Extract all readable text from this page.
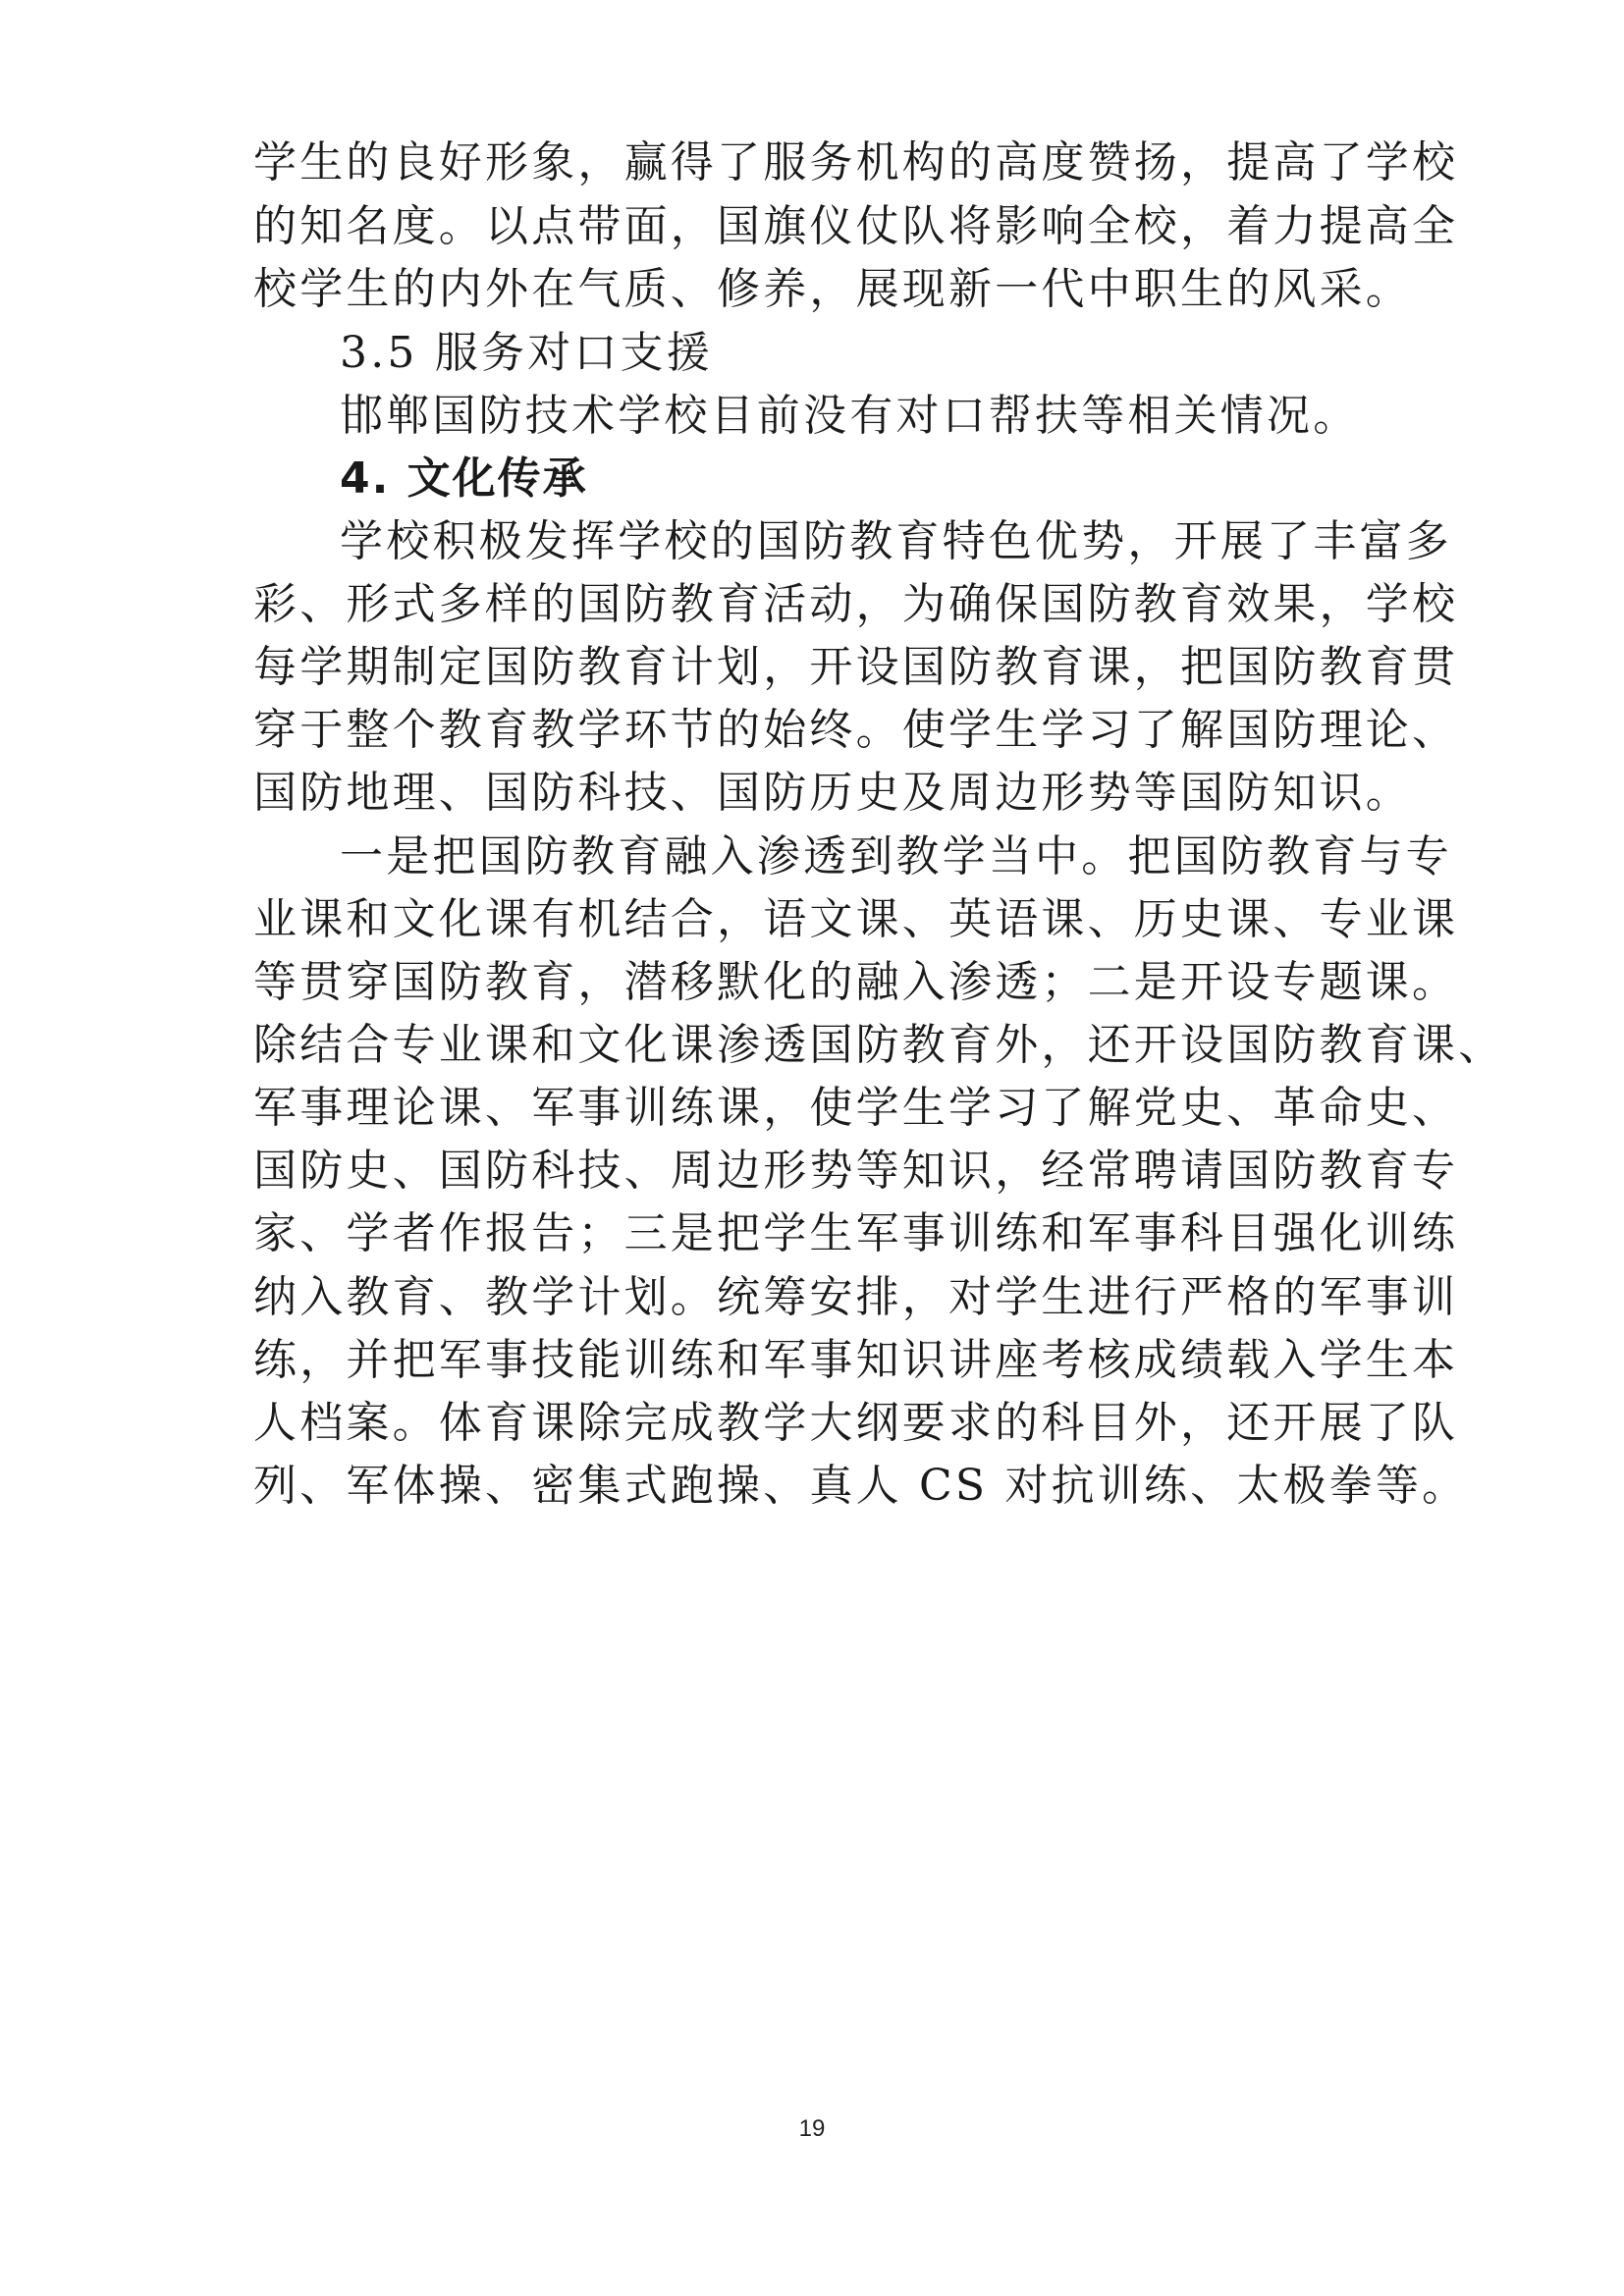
学生的良好形象，赢得了服务机构的高度赞扬，提高了学校
的知名度。以点带面，国旗仪仗队将影响全校，着力提高全
校学生的内外在气质、修养，展现新一代中职生的风采。
3.5 服务对口支援
邯郸国防技术学校目前没有对口帮扶等相关情况。
4. 文化传承
学校积极发挥学校的国防教育特色优势，开展了丰富多
彩、形式多样的国防教育活动，为确保国防教育效果，学校
每学期制定国防教育计划，开设国防教育课，把国防教育贯
穿于整个教育教学环节的始终。使学生学习了解国防理论、
国防地理、国防科技、国防历史及周边形势等国防知识。
一是把国防教育融入渗透到教学当中。把国防教育与专
业课和文化课有机结合，语文课、英语课、历史课、专业课
等贯穿国防教育，潜移默化的融入渗透；二是开设专题课。
除结合专业课和文化课渗透国防教育外，还开设国防教育课、
军事理论课、军事训练课，使学生学习了解党史、革命史、
国防史、国防科技、周边形势等知识，经常聘请国防教育专
家、学者作报告；三是把学生军事训练和军事科目强化训练
纳入教育、教学计划。统筹安排，对学生进行严格的军事训
练，并把军事技能训练和军事知识讲座考核成绩载入学生本
人档案。体育课除完成教学大纲要求的科目外，还开展了队
列、军体操、密集式跑操、真人 CS 对抗训练、太极拳等。
19
